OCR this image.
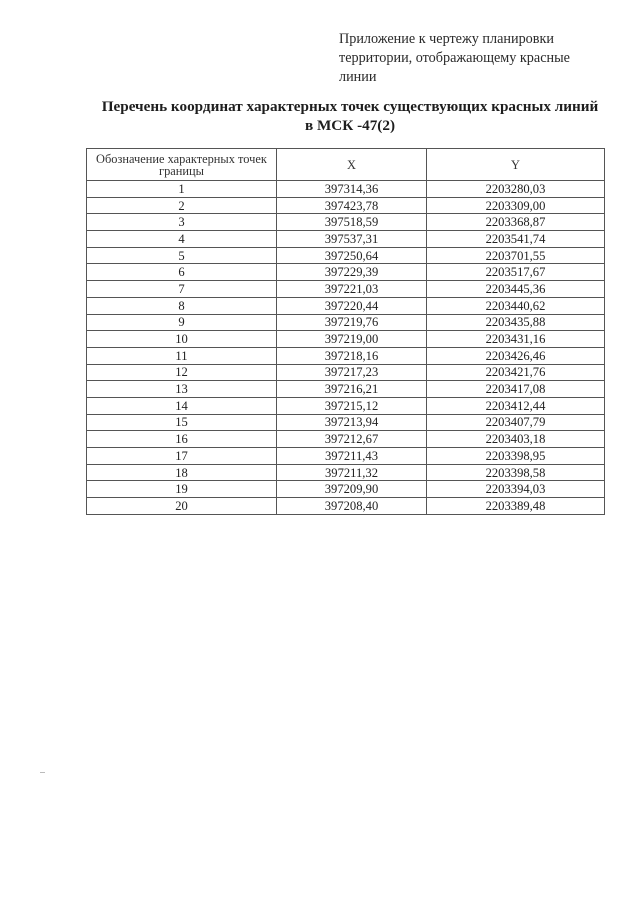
Приложение к чертежу планировки территории, отображающему красные линии
Перечень координат характерных точек существующих красных линий в МСК -47(2)
Обозначение характерных точек границы	X	Y
1	397314,36	2203280,03
2	397423,78	2203309,00
3	397518,59	2203368,87
4	397537,31	2203541,74
5	397250,64	2203701,55
6	397229,39	2203517,67
7	397221,03	2203445,36
8	397220,44	2203440,62
9	397219,76	2203435,88
10	397219,00	2203431,16
11	397218,16	2203426,46
12	397217,23	2203421,76
13	397216,21	2203417,08
14	397215,12	2203412,44
15	397213,94	2203407,79
16	397212,67	2203403,18
17	397211,43	2203398,95
18	397211,32	2203398,58
19	397209,90	2203394,03
20	397208,40	2203389,48
